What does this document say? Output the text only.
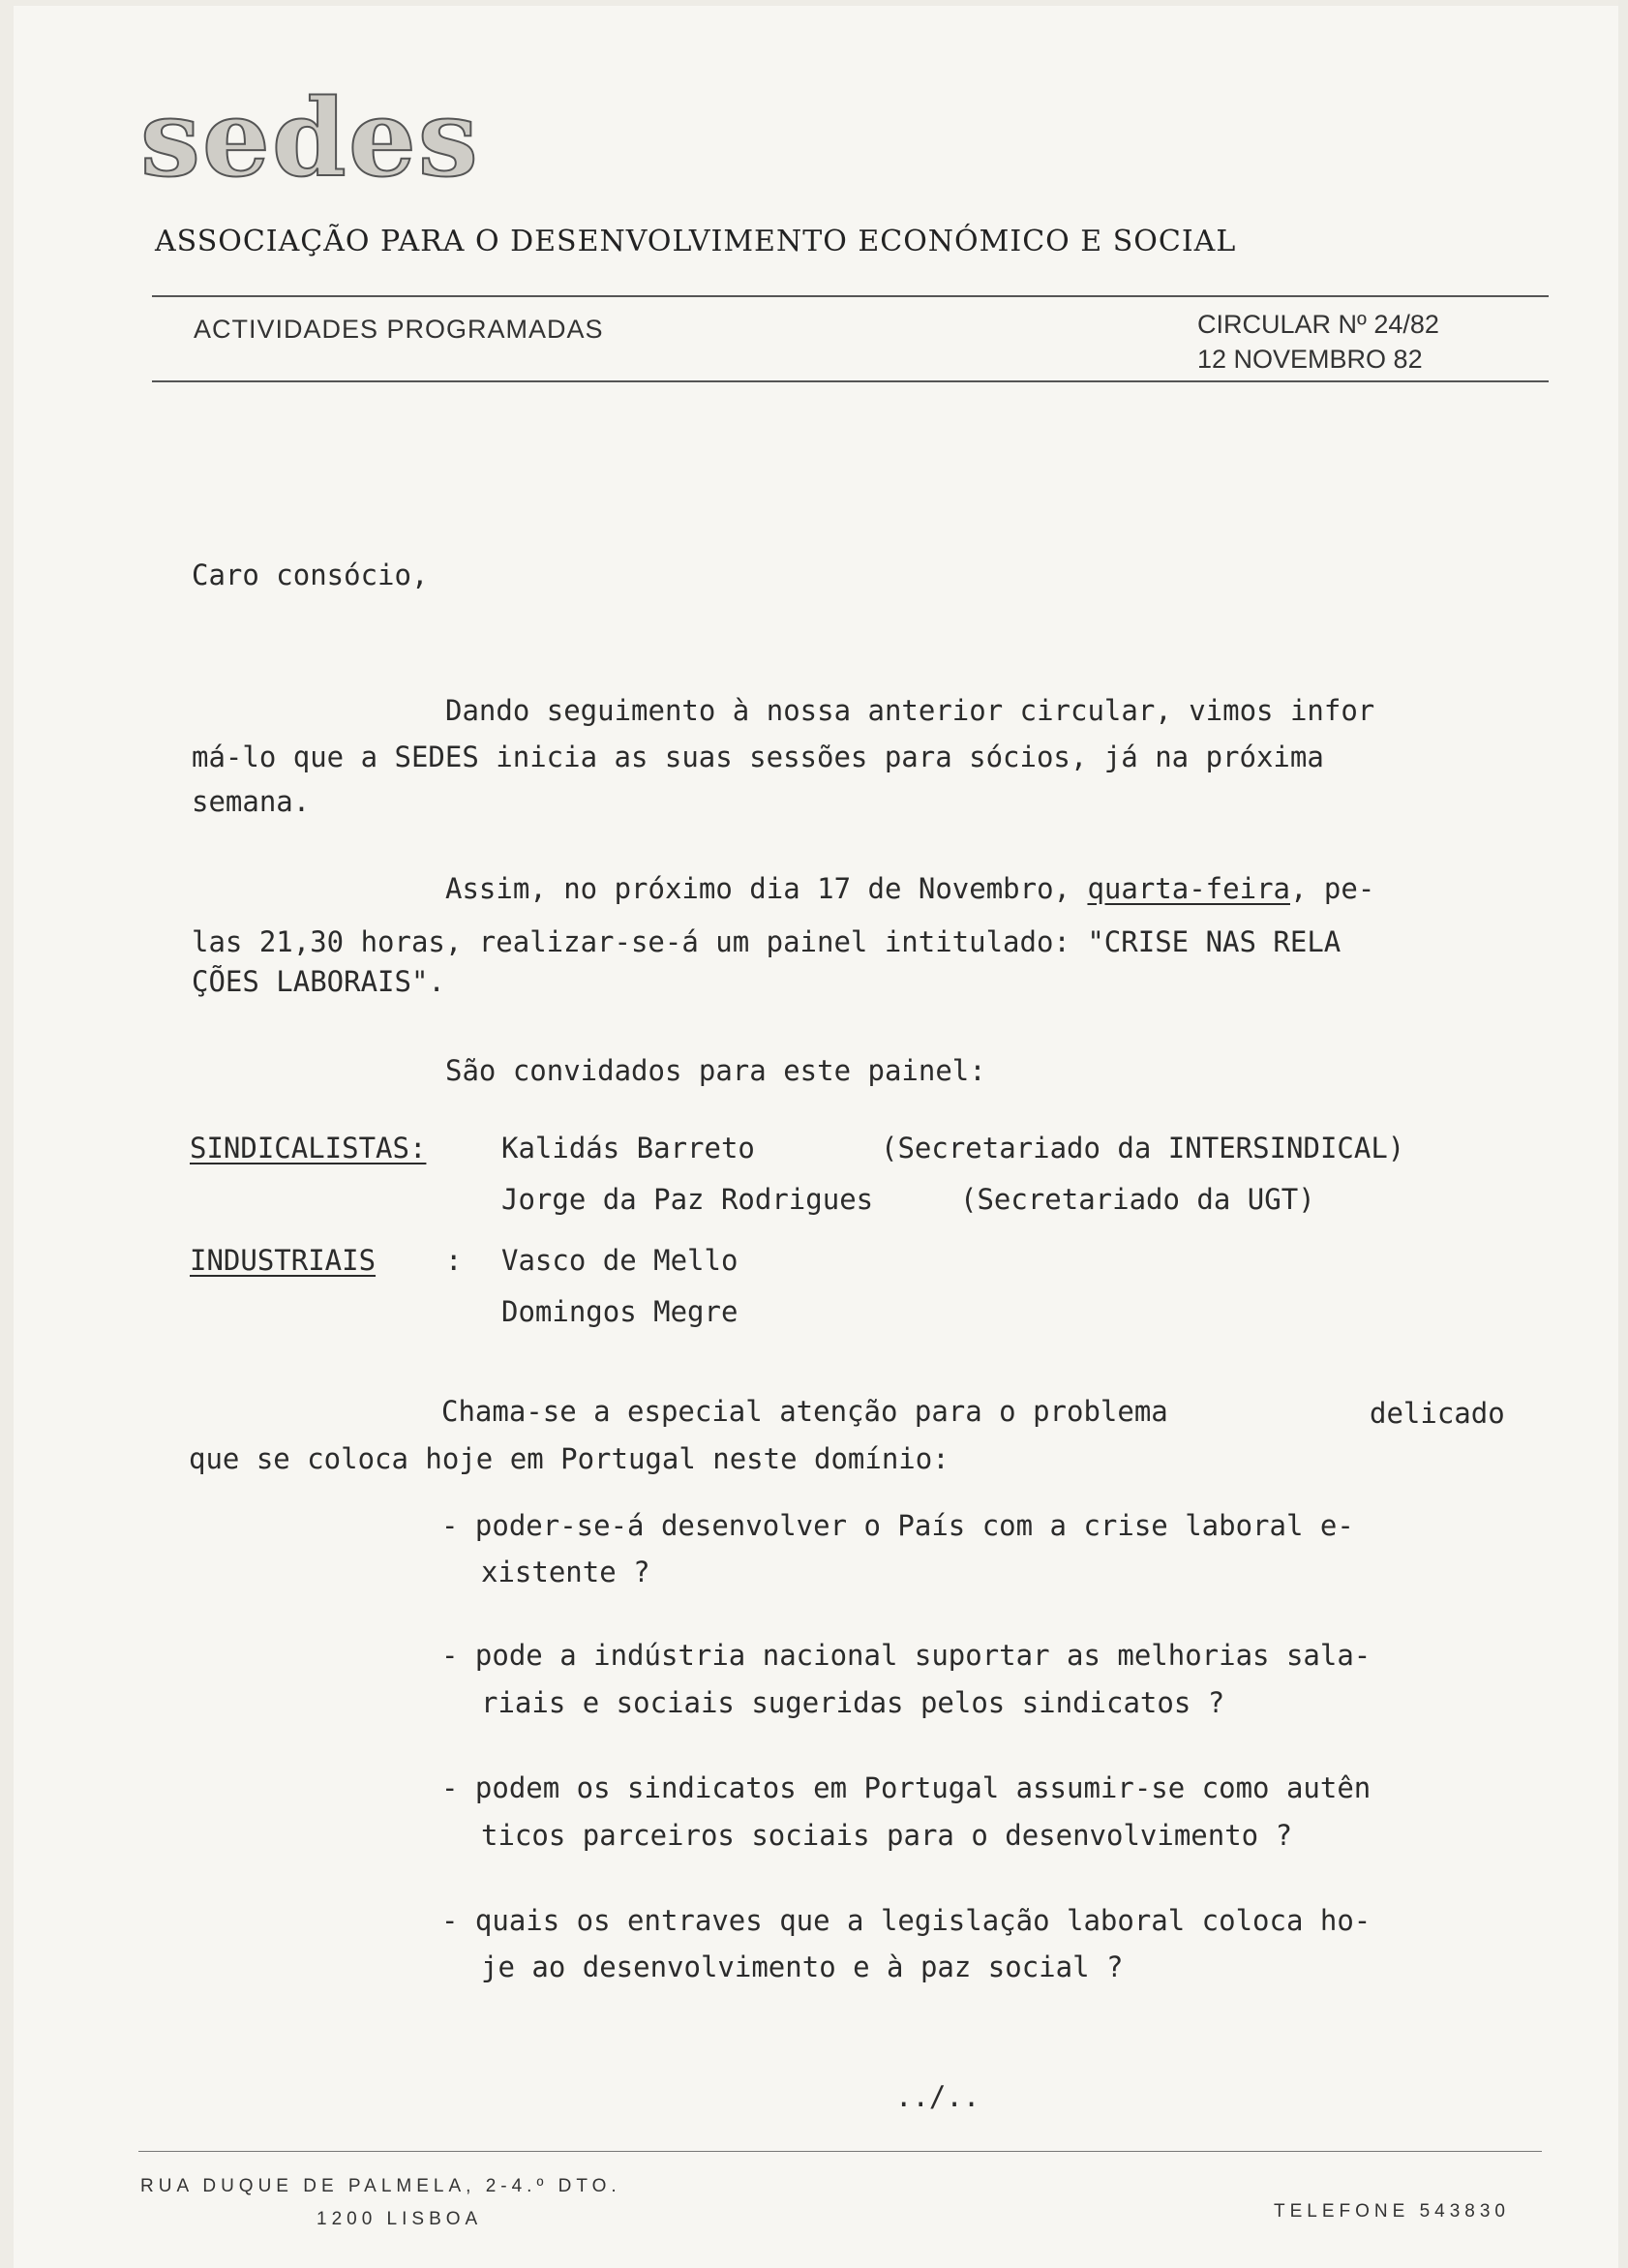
sedes
ASSOCIAÇÃO PARA O DESENVOLVIMENTO ECONÓMICO E SOCIAL
ACTIVIDADES PROGRAMADAS	CIRCULAR Nº 24/82
12 NOVEMBRO 82
Caro consócio,
Dando seguimento à nossa anterior circular, vimos infor
má-lo que a SEDES inicia as suas sessões para sócios, já na próxima
semana.
Assim, no próximo dia 17 de Novembro, quarta-feira, pe-
las 21,30 horas, realizar-se-á um painel intitulado: "CRISE NAS RELA
ÇÕES LABORAIS".
São convidados para este painel:
SINDICALISTAS:	Kalidás Barreto	(Secretariado da INTERSINDICAL)
Jorge da Paz Rodrigues	(Secretariado da UGT)
INDUSTRIAIS : Vasco de Mello
Domingos Megre
Chama-se a especial atenção para o problema	delicado
que se coloca hoje em Portugal neste domínio:
- poder-se-á desenvolver o País com a crise laboral e-
xistente ?
- pode a indústria nacional suportar as melhorias sala-
riais e sociais sugeridas pelos sindicatos ?
- podem os sindicatos em Portugal assumir-se como autên
ticos parceiros sociais para o desenvolvimento ?
- quais os entraves que a legislação laboral coloca ho-
je ao desenvolvimento e à paz social ?
../..
RUA DUQUE DE PALMELA, 2-4.º DTO.
1200 LISBOA	TELEFONE 543830
